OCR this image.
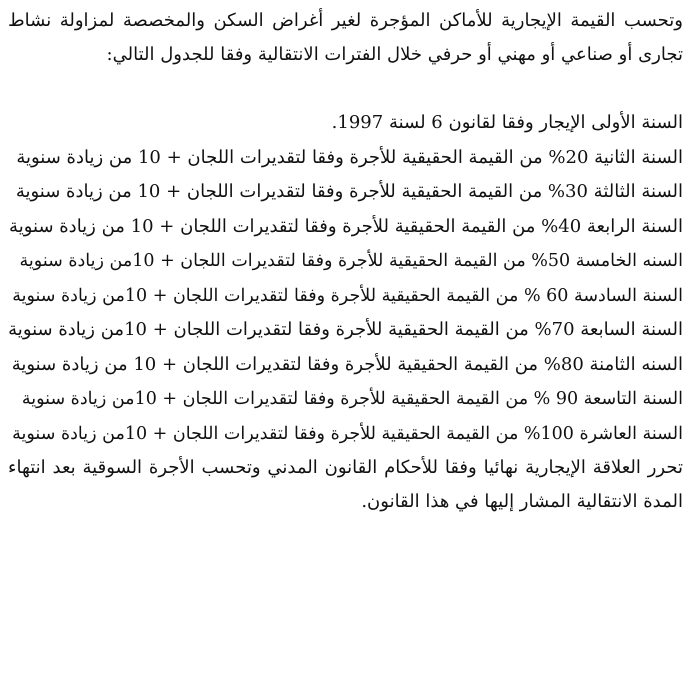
وتحسب القيمة الإيجارية للأماكن المؤجرة لغير أغراض السكن والمخصصة لمزاولة نشاط تجارى أو صناعي أو مهني أو حرفي خلال الفترات الانتقالية وفقا للجدول التالي:

السنة الأولى الإيجار وفقا لقانون 6 لسنة 1997.
السنة الثانية 20% من القيمة الحقيقية للأجرة وفقا لتقديرات اللجان + 10 من زيادة سنوية
السنة الثالثة 30% من القيمة الحقيقية للأجرة وفقا لتقديرات اللجان + 10 من زيادة سنوية
السنة الرابعة 40% من القيمة الحقيقية للأجرة وفقا لتقديرات اللجان + 10 من زيادة سنوية
السنه الخامسة 50% من القيمة الحقيقية للأجرة وفقا لتقديرات اللجان + 10من زيادة سنوية
السنة السادسة 60 % من القيمة الحقيقية للأجرة وفقا لتقديرات اللجان + 10من زيادة سنوية
السنة السابعة 70% من القيمة الحقيقية للأجرة وفقا لتقديرات اللجان + 10من زيادة سنوية
السنه الثامنة 80% من القيمة الحقيقية للأجرة وفقا لتقديرات اللجان + 10 من زيادة سنوية
السنة التاسعة 90 % من القيمة الحقيقية للأجرة وفقا لتقديرات اللجان + 10من زيادة سنوية
السنة العاشرة 100% من القيمة الحقيقية للأجرة وفقا لتقديرات اللجان + 10من زيادة سنوية

تحرر العلاقة الإيجارية نهائيا وفقا للأحكام القانون المدني وتحسب الأجرة السوقية بعد انتهاء المدة الانتقالية المشار إليها في هذا القانون.
